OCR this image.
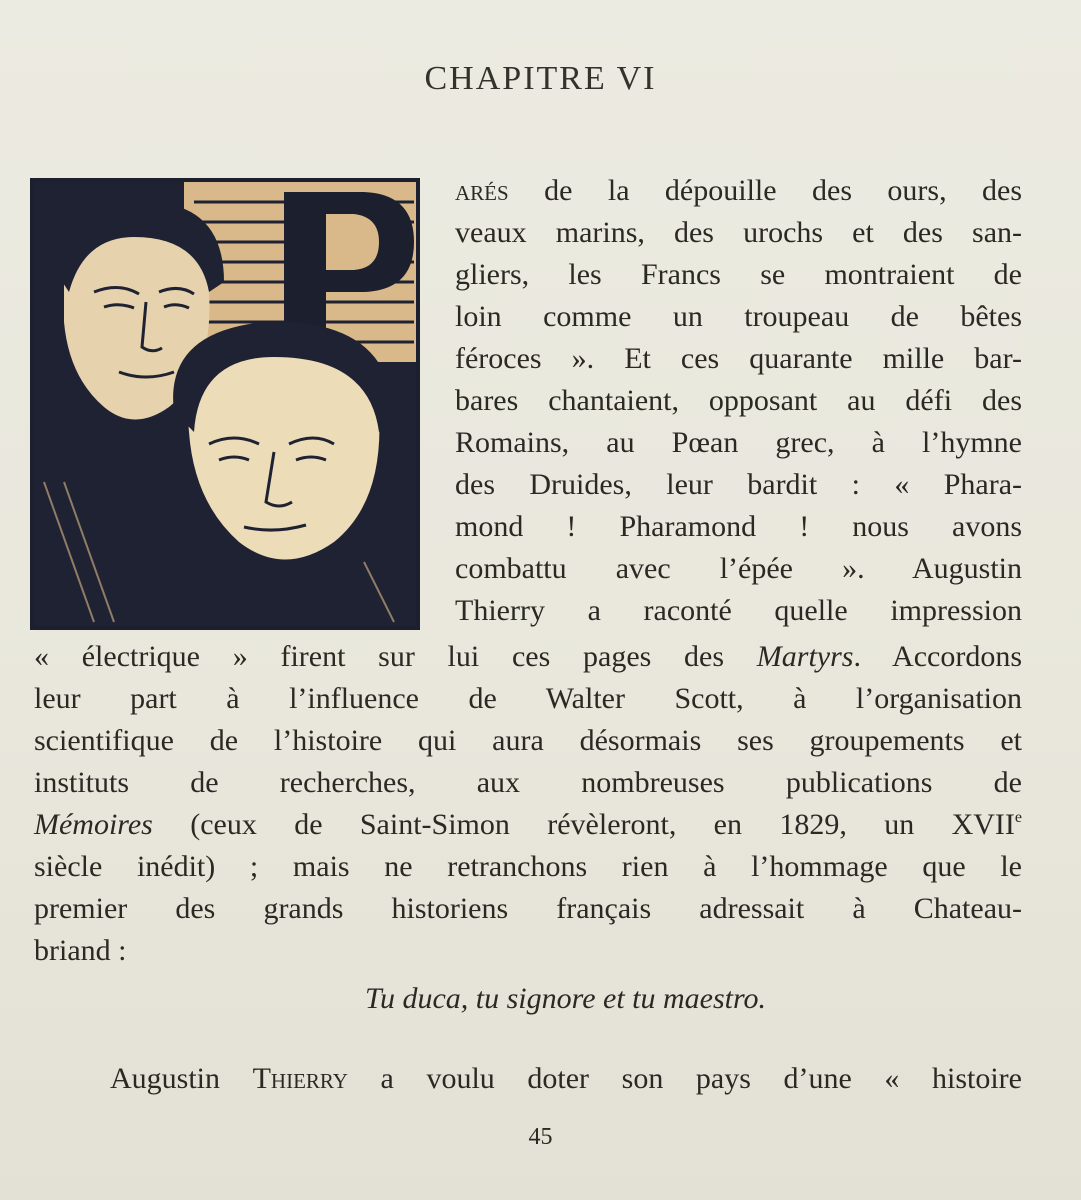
CHAPITRE VI
arés de la dépouille des ours, des
veaux marins, des urochs et des san-
gliers, les Francs se montraient de
loin comme un troupeau de bêtes
féroces ». Et ces quarante mille bar-
bares chantaient, opposant au défi des
Romains, au Pœan grec, à l’hymne
des Druides, leur bardit : « Phara-
mond ! Pharamond ! nous avons
combattu avec l’épée ». Augustin
Thierry a raconté quelle impression
« électrique » firent sur lui ces pages des Martyrs. Accordons
leur part à l’influence de Walter Scott, à l’organisation
scientifique de l’histoire qui aura désormais ses groupements et
instituts de recherches, aux nombreuses publications de
Mémoires (ceux de Saint-Simon révèleront, en 1829, un XVIIe
siècle inédit) ; mais ne retranchons rien à l’hommage que le
premier des grands historiens français adressait à Chateau-
briand :
Tu duca, tu signore et tu maestro.
Augustin Thierry a voulu doter son pays d’une « histoire
45
